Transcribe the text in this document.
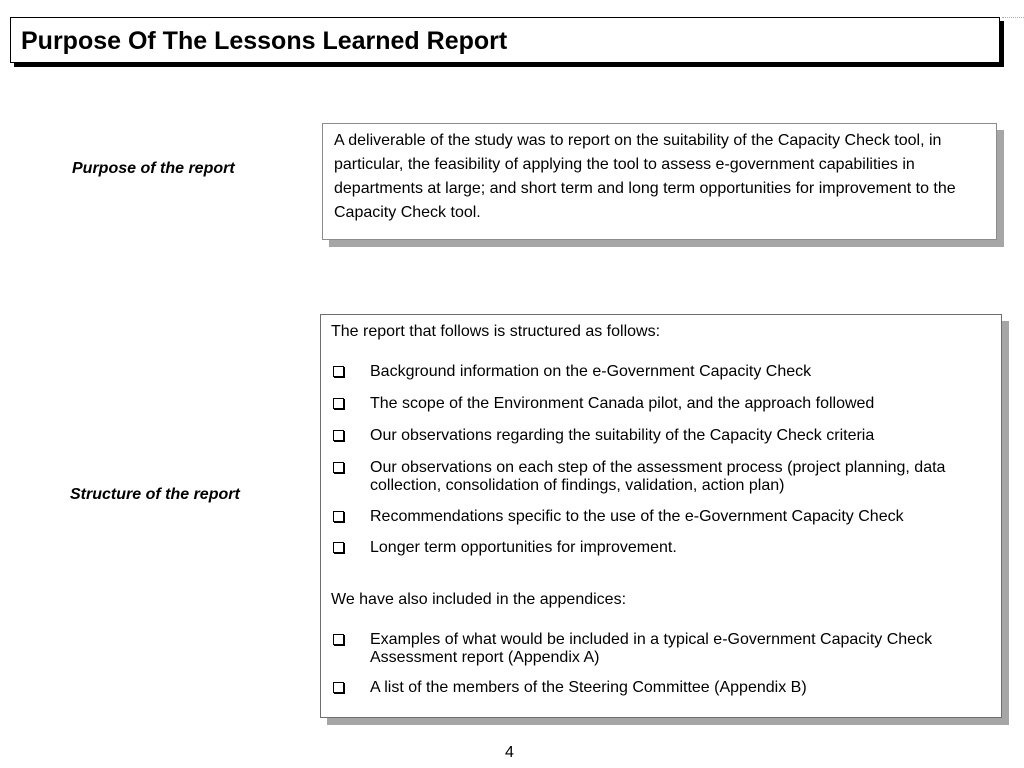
Purpose Of The Lessons Learned Report
Purpose of the report
A deliverable of the study was to report on the suitability of the Capacity Check tool, in particular, the feasibility of applying the tool to assess e-government capabilities in departments at large; and short term and long term opportunities for improvement to the Capacity Check tool.
Structure of the report
The report that follows is structured as follows:
Background information on the e-Government Capacity Check
The scope of the Environment Canada pilot, and the approach followed
Our observations regarding the suitability of the Capacity Check criteria
Our observations on each step of the assessment process (project planning, data collection, consolidation of findings, validation, action plan)
Recommendations specific to the use of the e-Government Capacity Check
Longer term opportunities for improvement.
We have also included in the appendices:
Examples of what would be included in a typical e-Government Capacity Check Assessment report (Appendix A)
A list of the members of the Steering Committee (Appendix B)
4
